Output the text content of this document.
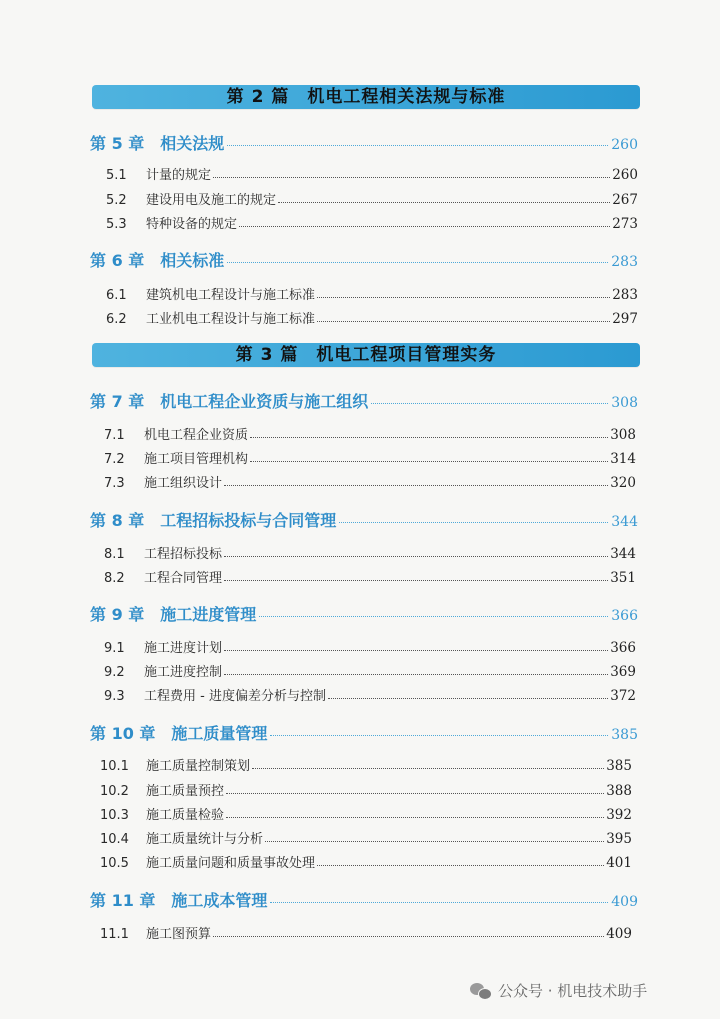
第 2 篇 机电工程相关法规与标准
第 5 章 相关法规	260
5.1	计量的规定	260
5.2	建设用电及施工的规定	267
5.3	特种设备的规定	273
第 6 章 相关标准	283
6.1	建筑机电工程设计与施工标准	283
6.2	工业机电工程设计与施工标准	297
第 3 篇 机电工程项目管理实务
第 7 章 机电工程企业资质与施工组织	308
7.1	机电工程企业资质	308
7.2	施工项目管理机构	314
7.3	施工组织设计	320
第 8 章 工程招标投标与合同管理	344
8.1	工程招标投标	344
8.2	工程合同管理	351
第 9 章 施工进度管理	366
9.1	施工进度计划	366
9.2	施工进度控制	369
9.3	工程费用 - 进度偏差分析与控制	372
第 10 章 施工质量管理	385
10.1	施工质量控制策划	385
10.2	施工质量预控	388
10.3	施工质量检验	392
10.4	施工质量统计与分析	395
10.5	施工质量问题和质量事故处理	401
第 11 章 施工成本管理	409
11.1	施工图预算	409
公众号 · 机电技术助手
